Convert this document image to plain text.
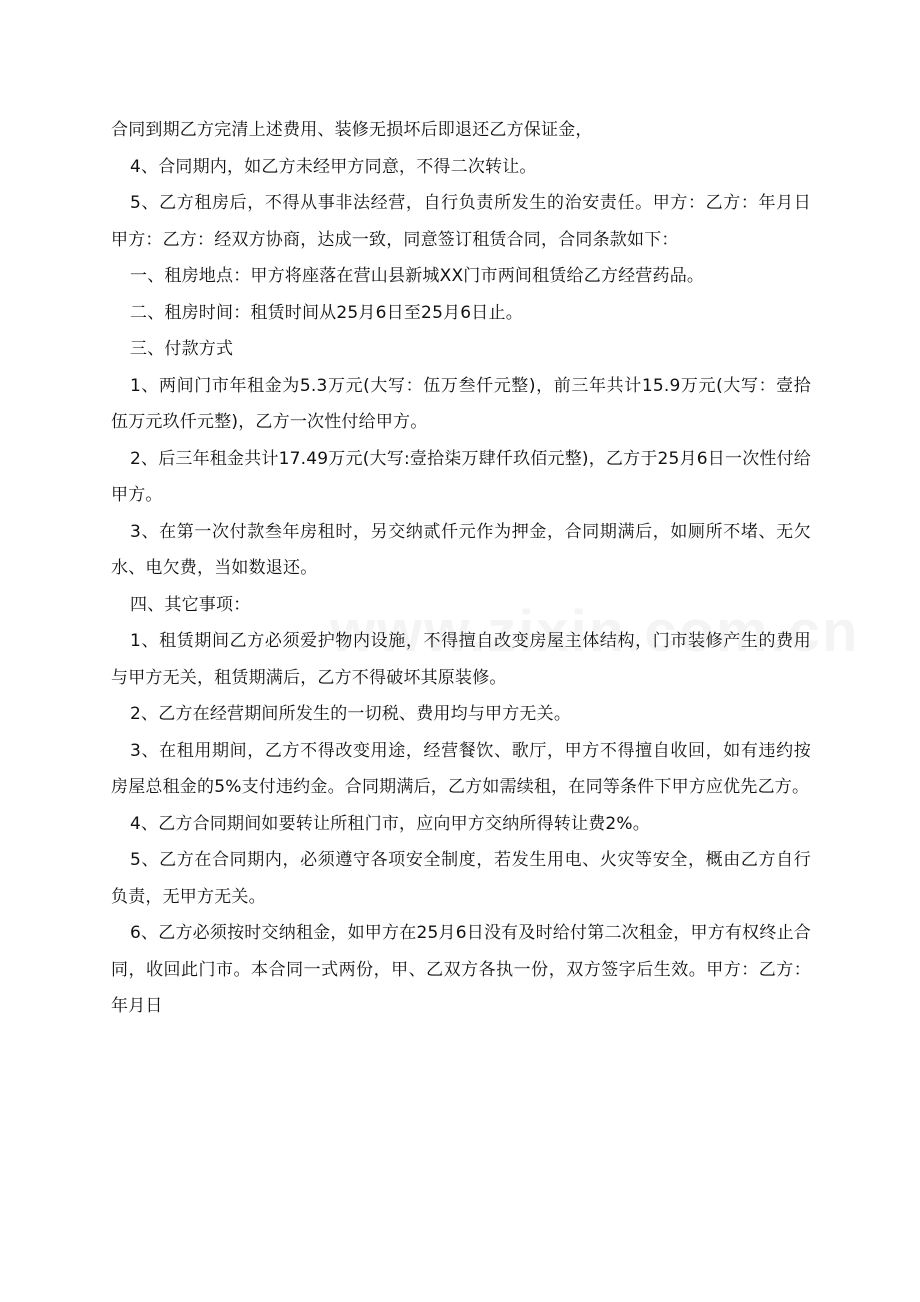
合同到期乙方完清上述费用、装修无损坏后即退还乙方保证金，

4、合同期内，如乙方未经甲方同意，不得二次转让。

5、乙方租房后，不得从事非法经营，自行负责所发生的治安责任。甲方：乙方：年月日甲方：乙方：经双方协商，达成一致，同意签订租赁合同，合同条款如下：

一、租房地点：甲方将座落在营山县新城XX门市两间租赁给乙方经营药品。

二、租房时间：租赁时间从25月6日至25月6日止。

三、付款方式

1、两间门市年租金为5.3万元(大写：伍万叁仟元整)，前三年共计15.9万元(大写：壹拾伍万元玖仟元整)，乙方一次性付给甲方。

2、后三年租金共计17.49万元(大写:壹拾柒万肆仟玖佰元整)，乙方于25月6日一次性付给甲方。

3、在第一次付款叁年房租时，另交纳贰仟元作为押金，合同期满后，如厕所不堵、无欠水、电欠费，当如数退还。

四、其它事项：

1、租赁期间乙方必须爱护物内设施，不得擅自改变房屋主体结构，门市装修产生的费用与甲方无关，租赁期满后，乙方不得破坏其原装修。

2、乙方在经营期间所发生的一切税、费用均与甲方无关。

3、在租用期间，乙方不得改变用途，经营餐饮、歌厅，甲方不得擅自收回，如有违约按房屋总租金的5%支付违约金。合同期满后，乙方如需续租，在同等条件下甲方应优先乙方。

4、乙方合同期间如要转让所租门市，应向甲方交纳所得转让费2%。

5、乙方在合同期内，必须遵守各项安全制度，若发生用电、火灾等安全，概由乙方自行负责，无甲方无关。

6、乙方必须按时交纳租金，如甲方在25月6日没有及时给付第二次租金，甲方有权终止合同，收回此门市。本合同一式两份，甲、乙双方各执一份，双方签字后生效。甲方：乙方：年月日
